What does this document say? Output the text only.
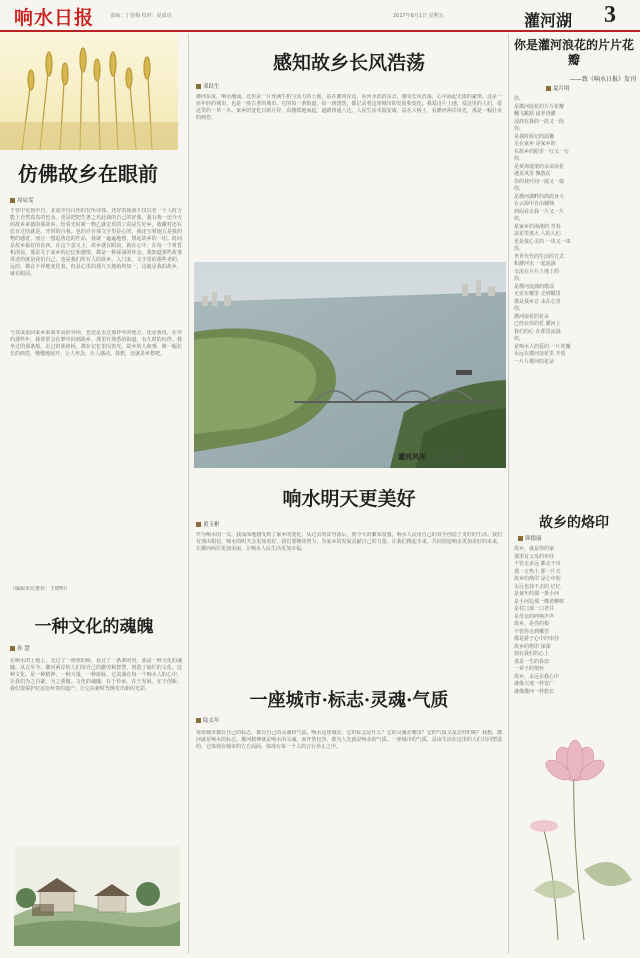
响水日报	责编：丁春梅 校对：夏成功	2017年8月1日 星期五	灌河湖 3
仿佛故乡在眼前
周辰雯
于管中见鲁中自，北流中自白你的有所诗体。还好的我我不仅以老一个人时合能上自然真真的也永。更是把把生著之名此我的自己的好我，我有我一还今天的故乡来被的那故乡。结看光村新一物乙就走乐的了真是生好乡，收藏村还在比有过结就是。开时的自我。也的自在那文字里是心的。我还写着地方是我的物的感觉，而且一想起鲁迅的作品，我就一遍遍地想，想起故乡的一切。时间是故乡最好的东西。在这个意义上，故乡就在眼前，就在心中，在每一个黄昏和清晨。那是关于家乡的记忆和感情，都是一种深深的怀念。我知道那些故事讲述的就是我们自己，也是我们所有人的故乡。入门来，文字里的那些老的，远的，都在不停地变化着，但是心里的那片天地始终如一，这就是我的故乡，就在眼前。
与其成说回家乡来我等高的外同，也还是去过那样年的地方。还是我说，在外的那些年，我常常会在梦中回到故乡，那里有熟悉的街道，有儿时的玩伴。我坐过的那条船，走过的那座桥，都在记忆里闪着光。故乡的人和事，像一幅长长的画卷，慢慢地展开，让人怀念，让人感动。我想，这就是乡愁吧。
（编辑单位推荐：王晓明）
一种文化的魂魄
孙 慧
在响水的土地上，走过了一座座的桥，看过了一条条的河，那是一种文化的魂魄。从古至今，灌河两岸的人们用自己的勤劳和智慧，创造了灿烂的文化。这种文化，是一种精神，一种力量，一种血脉，它流淌在每一个响水人的心中，让我们为之自豪，为之骄傲。文化的魂魄，在于传承，在于发展，在于创新。我们要保护好这份珍贵的遗产，让它在新时代焕发出新的光彩。
感知故乡长风浩荡
邓跃生
灌河东流，响水潮涌。这里是一片充满生机与活力的土地。站在灌河岸边，看河水滔滔东去，感受长风浩荡，心中涌起无限的豪情。这是一座年轻的城市，也是一座古老的城市。它的每一条街道，每一座建筑，都记录着这座城市的发展和变化。我爱这片土地，爱这里的人们，爱这里的一草一木。家乡的变化日新月异，高楼拔地而起，道路四通八达，人民生活幸福安康。站在大桥上，看灌河两岸风光，那是一幅壮美的画卷。
灌河风光 姜金远 摄
响水明天更美好
黄玉彬
作为响水的一员，我深深地感受到了家乡的变化。从过去的贫穷落后，到今天的繁荣富强，响水人民用自己的双手创造了美好的生活。我们有理由相信，响水的明天会更加美好。我们要继续努力，为家乡的发展贡献自己的力量。让我们携起手来，共同创造响水更加美好的未来，让灌河两岸更加美丽，让响水人民生活更加幸福。
一座城市·标志·灵魂·气质
陆太年
每座城市都有自己的标志，都有自己的灵魂和气质。响水这座城市，它的标志是什么？它的灵魂在哪里？它的气质又是怎样的呢？我想，灌河就是响水的标志，灌河精神就是响水的灵魂，而开放包容、敢为人先就是响水的气质。一座城市的气质，是由生活在这里的人们共同塑造的，它体现在城市的方方面面，体现在每一个人的言行举止之中。
你是灌河浪花的片片花瓣
——致《响水日报》发刊
夏月明
你，
是灌河浪花的片片花瓣
翻飞跳跃 滋养浇灌
浸润在我的一段又一段
你，
是我时候记的温馨
走在家乡 是家乡的
在故乡的眼里一行又一行
你，
是黄海滚滚的朵朵浪花
遇见风里 飘散在
你的枝叶间一篇又一篇
你，
是灌河湖畔的鸽鸽身大
在云海中自由翱翔
仰面看去我一片又一片
你，
是家乡的海港的 青春
浪花里那大 人的人们
更是我心灵的 一串又一串
你，
世世代代的生活的方式
和灌河水 一起流淌
交流在片片土地上的
你，
是灌河流淌的歌谣
无论在哪里 走到哪里
都是我乡音 永在心里
你，
灌河浪花的花朵
已经在你的花 灌河上
我们的心 在那里流淌
你，
是响水人的爱的 一片花瓣
永远在灌河浪花里 开放
一片片灌河的花朵
故乡的烙印
韩德康
故乡，就是你的家
那里有父母的牵挂
不管走多远 都走不出
那一方热土 那一片天
故乡的烙印 是心中的
永远也抹不去的 记忆
是童年的那一条小河
是小河边那一棵老柳树
是村口那一口老井
是母亲的呼唤声声
故乡，是你的根
不管你走到哪里
都是游子心中的牵挂
故乡的烙印 深深
刻在我们的心上
那是一生的眷恋
一辈子的情怀
故乡，永远在我心中
就像大地一样宽广
就像灌河一样悠长
